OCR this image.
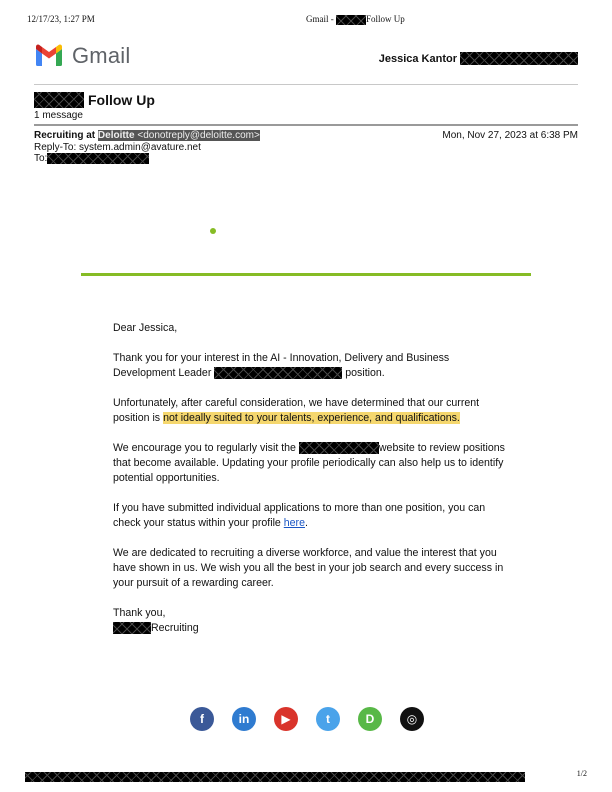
12/17/23, 1:27 PM	Gmail -	Follow Up
Gmail	Jessica Kantor
Follow Up
1 message
Recruiting at Deloitte <donotreply@deloitte.com>	Mon, Nov 27, 2023 at 6:38 PM
Reply-To: system.admin@avature.net
To:
Dear Jessica,
Thank you for your interest in the AI - Innovation, Delivery and Business Development Leader	position.
Unfortunately, after careful consideration, we have determined that our current position is not ideally suited to your talents, experience, and qualifications.
We encourage you to regularly visit the	website to review positions that become available. Updating your profile periodically can also help us to identify potential opportunities.
If you have submitted individual applications to more than one position, you can check your status within your profile here.
We are dedicated to recruiting a diverse workforce, and value the interest that you have shown in us. We wish you all the best in your job search and every success in your pursuit of a rewarding career.
Thank you,
Recruiting
f	in	▶	t	D	◎
1/2
